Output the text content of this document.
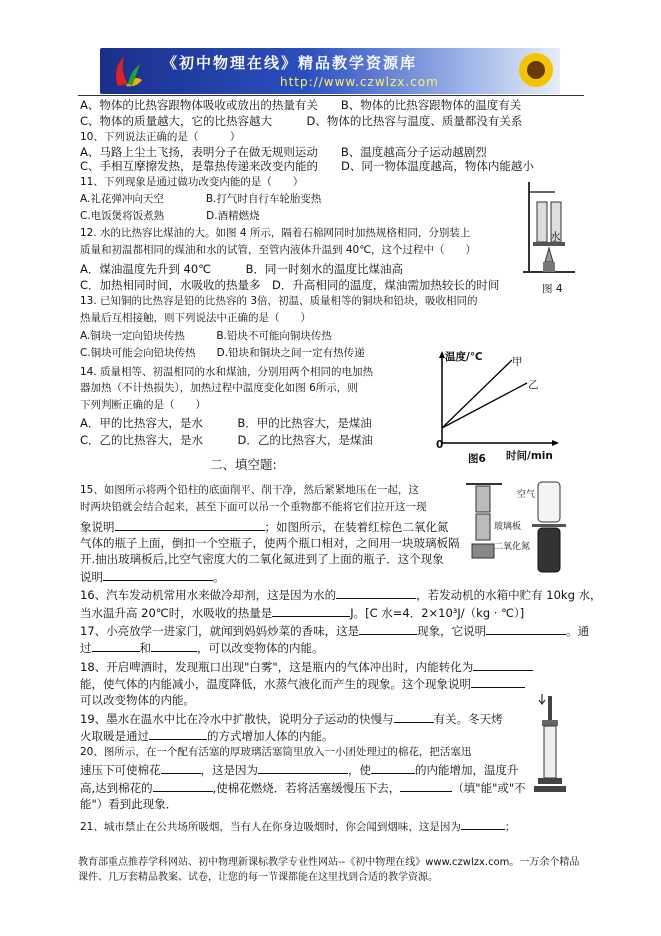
《初中物理在线》精品教学资源库
http://www.czwlzx.com
A、物体的比热容跟物体吸收或放出的热量有关　　B、物体的比热容跟物体的温度有关
C、物体的质量越大，它的比热容越大　　　D、物体的比热容与温度、质量都没有关系
10、下列说法正确的是（　　　）
A、马路上尘土飞扬，表明分子在做无规则运动　　B、温度越高分子运动越剧烈
C、手相互摩擦发热，是靠热传递来改变内能的　　D、同一物体温度越高，物体内能越小
11、下列现象是通过做功改变内能的是（　　）
A.礼花弹冲向天空　　　　B.打气时自行车轮胎变热
C.电饭煲将饭煮熟　　　　D.酒精燃烧
12. 水的比热容比煤油的大。如图 4 所示，隔着石棉网同时加热规格相同，分别装上
质量和初温都相同的煤油和水的试管，至管内液体升温到 40℃，这个过程中（　　）
A．煤油温度先升到 40℃　　　B．同一时刻水的温度比煤油高
C．加热相同时间，水吸收的热量多　D．升高相同的温度，煤油需加热较长的时间
13. 已知铜的比热容是铅的比热容的 3倍，初温、质量相等的铜块和铅块，吸收相同的
热量后互相接触，则下列说法中正确的是（　　）
A.铜块一定向铅块传热　　　B.铅块不可能向铜块传热
C.铜块可能会向铅块传热　　D.铅块和铜块之间一定有热传递
14. 质量相等、初温相同的水和煤油，分别用两个相同的电加热
器加热（不计热损失），加热过程中温度变化如图 6所示，则
下列判断正确的是（　　）
A．甲的比热容大，是水　　　B．甲的比热容大，是煤油
C．乙的比热容大，是水　　　D．乙的比热容大，是煤油
水
图 4
温度/℃	甲
乙
0
图6 时间/min
二、填空题:
15、如图所示将两个铅柱的底面削平、削干净，然后紧紧地压在一起，这
时两块铅就会结合起来，甚至下面可以吊一个重物都不能将它们拉开这一现
象说明	；如图所示，在装着红棕色二氧化氮
气体的瓶子上面，倒扣一个空瓶子，使两个瓶口相对，之间用一块玻璃板隔
开.抽出玻璃板后,比空气密度大的二氧化氮进到了上面的瓶子．这个现象
说明	。
空气
玻璃板
二氧化氮
16、汽车发动机常用水来做冷却剂，这是因为水的	，若发动机的水箱中贮有 10kg 水，
当水温升高 20℃时，水吸收的热量是	J。[C 水=4．2×10³J/（kg · ℃）]
17、小亮放学一进家门，就闻到妈妈炒菜的香味，这是	现象，它说明	。通
过	和	，可以改变物体的内能。
18、开启啤酒时，发现瓶口出现"白雾"，这是瓶内的气体冲出时，内能转化为
能，使气体的内能减小，温度降低，水蒸气液化而产生的现象。这个现象说明
可以改变物体的内能。
19、墨水在温水中比在冷水中扩散快，说明分子运动的快慢与	有关。冬天烤
火取暖是通过	的方式增加人体的内能。
20、图所示，在一个配有活塞的厚玻璃活塞筒里放入一小团处理过的棉花，把活塞迅
速压下可使棉花	，这是因为	，使	的内能增加，温度升
高,达到棉花的	,使棉花燃烧．若将活塞缓慢压下去，	（填"能"或"不
能"）看到此现象．
21、城市禁止在公共场所吸烟，当有人在你身边吸烟时，你会闻到烟味，这是因为	；
教育部重点推荐学科网站、初中物理新课标教学专业性网站--《初中物理在线》www.czwlzx.com。一万余个精品课件、几万套精品教案、试卷，让您的每一节课都能在这里找到合适的教学资源。
